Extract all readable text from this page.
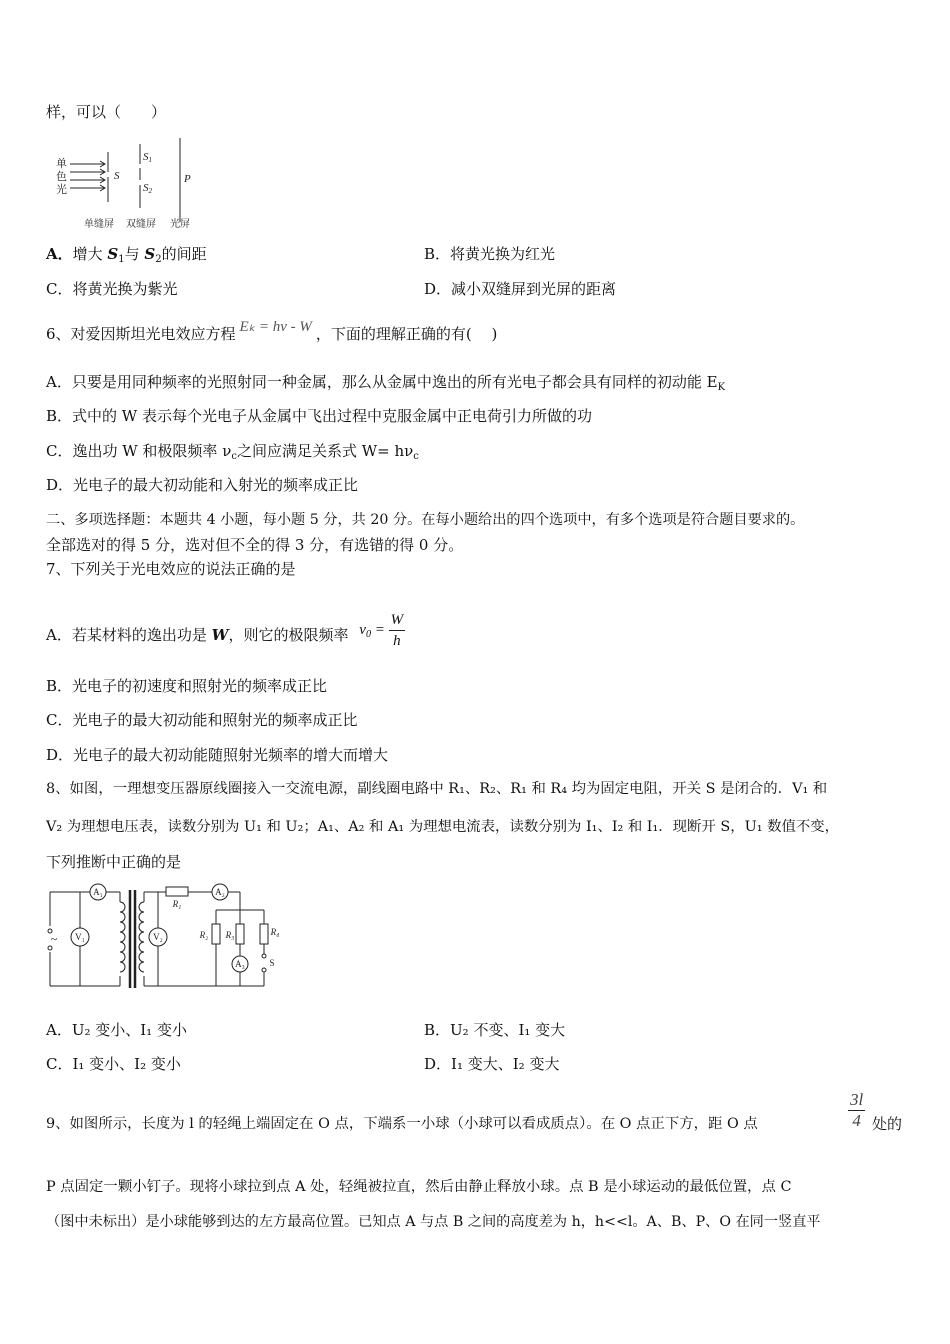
样，可以（　　）
单
色
光
S
S1
S2
P
单缝屏 双缝屏 光屏
A．增大 $S_1$与 $S_2$的间距	B．将黄光换为红光
C．将黄光换为紫光	D．减小双缝屏到光屏的距离
6、对爱因斯坦光电效应方程 Eₖ = hν - W ，下面的理解正确的有(　 )
A．只要是用同种频率的光照射同一种金属，那么从金属中逸出的所有光电子都会具有同样的初动能 $E_K$
B．式中的 W 表示每个光电子从金属中飞出过程中克服金属中正电荷引力所做的功
C．逸出功 W 和极限频率 $\nu_c$之间应满足关系式 $W= h\nu_c$
D．光电子的最大初动能和入射光的频率成正比
二、多项选择题：本题共 4 小题，每小题 5 分，共 20 分。在每小题给出的四个选项中，有多个选项是符合题目要求的。
全部选对的得 5 分，选对但不全的得 3 分，有选错的得 0 分。
7、下列关于光电效应的说法正确的是
A．若某材料的逸出功是 W，则它的极限频率 $\nu_0 = \frac{W}{h}$
B．光电子的初速度和照射光的频率成正比
C．光电子的最大初动能和照射光的频率成正比
D．光电子的最大初动能随照射光频率的增大而增大
8、如图，一理想变压器原线圈接入一交流电源，副线圈电路中 R₁、R₂、R₁ 和 R₄ 均为固定电阻，开关 S 是闭合的．V₁ 和
V₂ 为理想电压表，读数分别为 U₁ 和 U₂；A₁、A₂ 和 A₁ 为理想电流表，读数分别为 I₁、I₂ 和 I₁．现断开 S，U₁ 数值不变，
下列推断中正确的是
A₁
V₁	V₂
A₂
A₃
R₁
R₂ R₃	R₄
S
~
A．U₂ 变小、I₁ 变小	B．U₂ 不变、I₁ 变大
C．I₁ 变小、I₂ 变小	D．I₁ 变大、I₂ 变大
$\frac{3l}{4}$
9、如图所示，长度为 l 的轻绳上端固定在 O 点，下端系一小球（小球可以看成质点）。在 O 点正下方，距 O 点	处的
P 点固定一颗小钉子。现将小球拉到点 A 处，轻绳被拉直，然后由静止释放小球。点 B 是小球运动的最低位置，点 C
（图中未标出）是小球能够到达的左方最高位置。已知点 A 与点 B 之间的高度差为 h，h<<l。A、B、P、O 在同一竖直平
